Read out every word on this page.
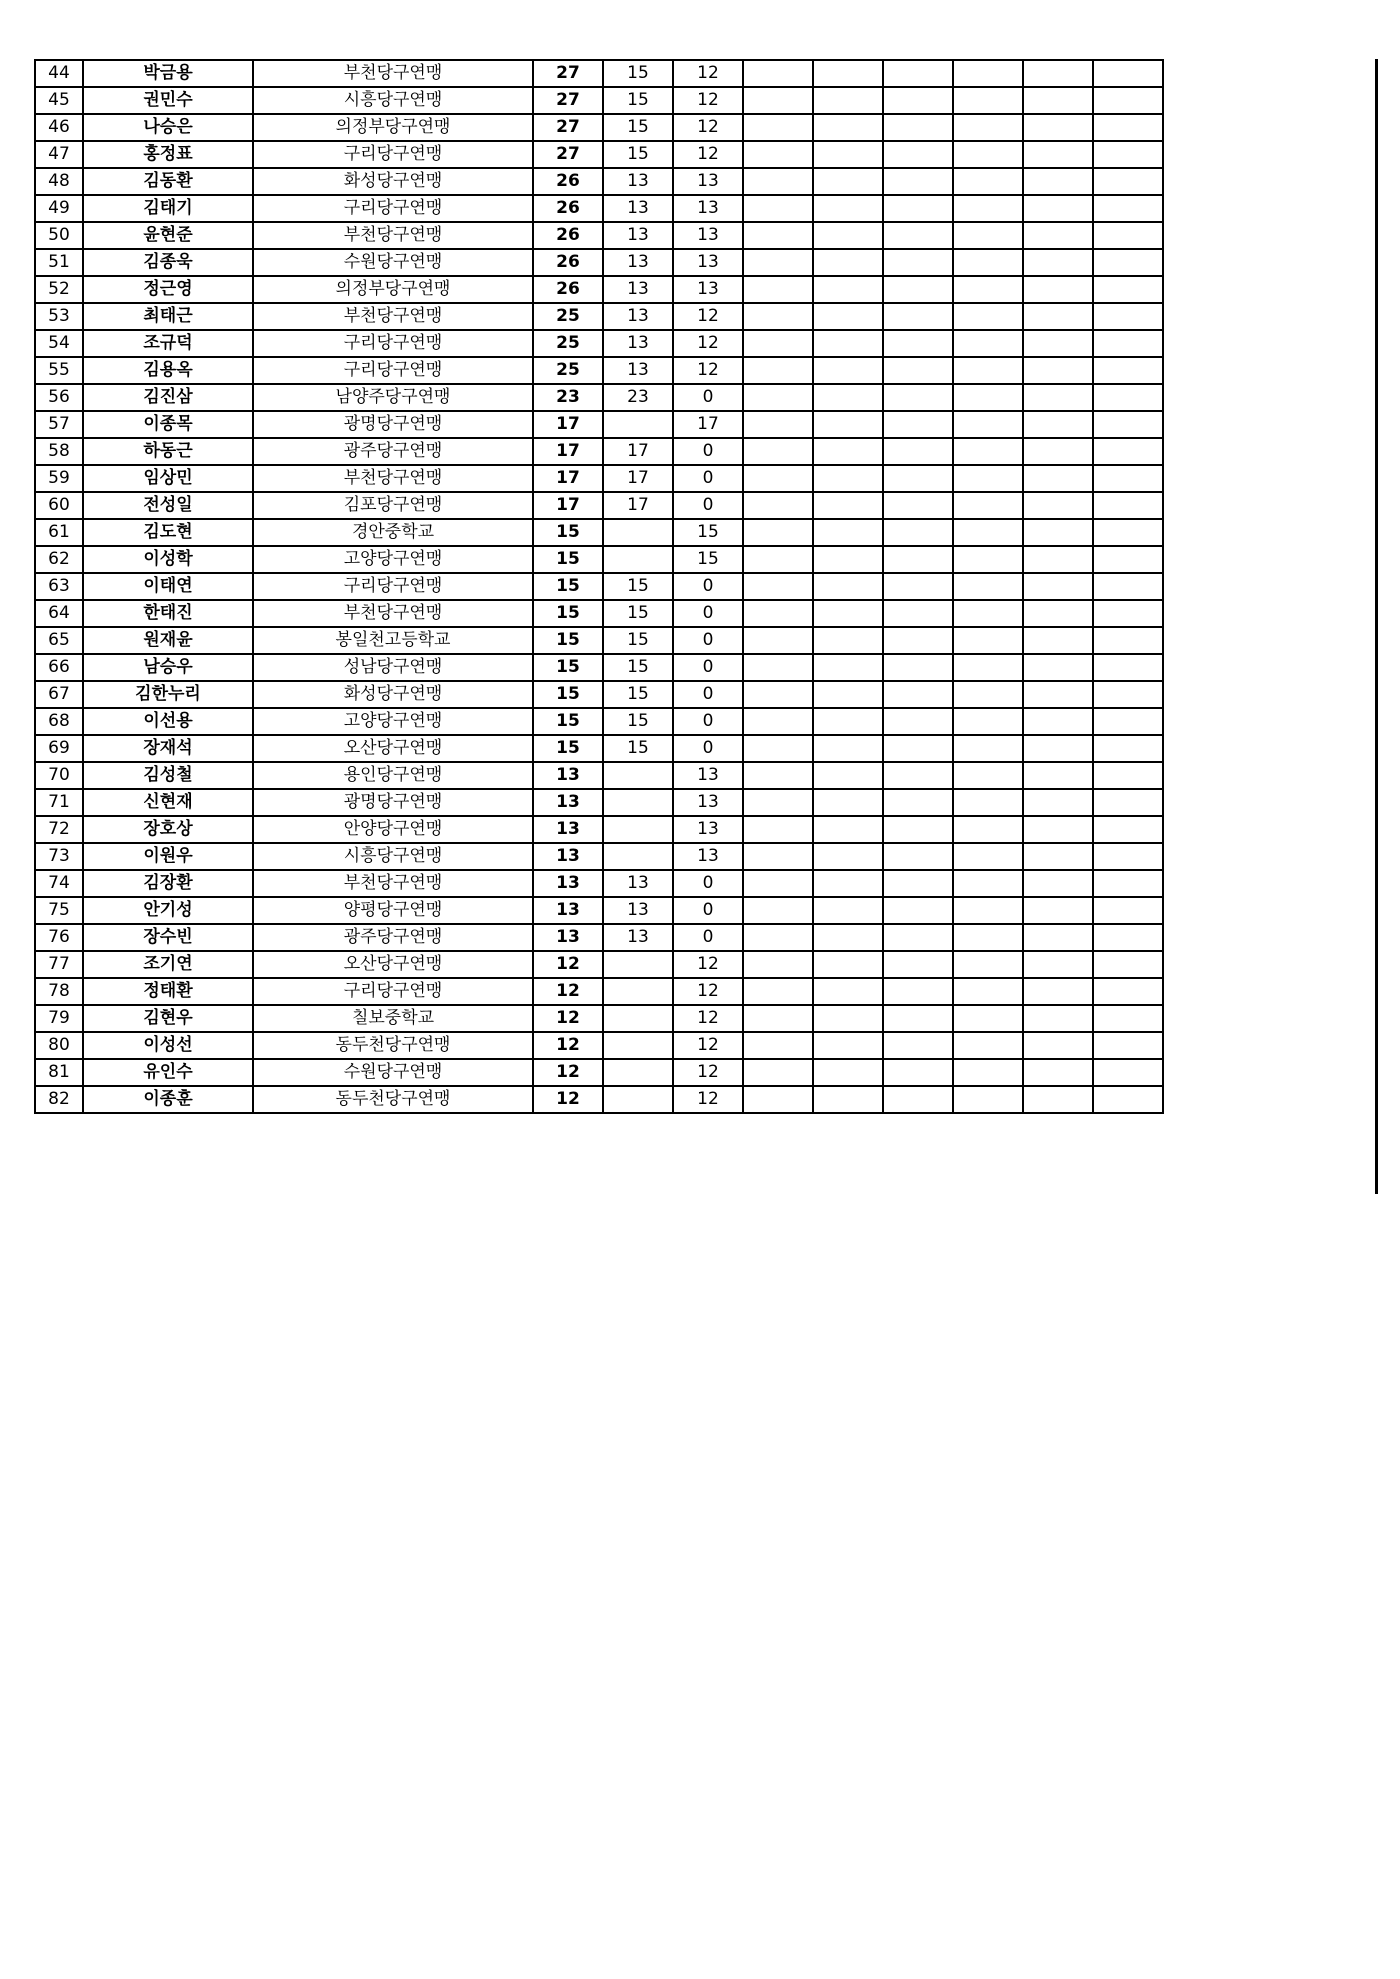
44	박금용	부천당구연맹	27	15	12						
45	권민수	시흥당구연맹	27	15	12						
46	나승은	의정부당구연맹	27	15	12						
47	홍정표	구리당구연맹	27	15	12						
48	김동환	화성당구연맹	26	13	13						
49	김태기	구리당구연맹	26	13	13						
50	윤현준	부천당구연맹	26	13	13						
51	김종욱	수원당구연맹	26	13	13						
52	정근영	의정부당구연맹	26	13	13						
53	최태근	부천당구연맹	25	13	12						
54	조규덕	구리당구연맹	25	13	12						
55	김용옥	구리당구연맹	25	13	12						
56	김진삼	남양주당구연맹	23	23	0						
57	이종목	광명당구연맹	17		17						
58	하동근	광주당구연맹	17	17	0						
59	임상민	부천당구연맹	17	17	0						
60	전성일	김포당구연맹	17	17	0						
61	김도현	경안중학교	15		15						
62	이성학	고양당구연맹	15		15						
63	이태연	구리당구연맹	15	15	0						
64	한태진	부천당구연맹	15	15	0						
65	원재윤	봉일천고등학교	15	15	0						
66	남승우	성남당구연맹	15	15	0						
67	김한누리	화성당구연맹	15	15	0						
68	이선용	고양당구연맹	15	15	0						
69	장재석	오산당구연맹	15	15	0						
70	김성철	용인당구연맹	13		13						
71	신현재	광명당구연맹	13		13						
72	장호상	안양당구연맹	13		13						
73	이원우	시흥당구연맹	13		13						
74	김장환	부천당구연맹	13	13	0						
75	안기성	양평당구연맹	13	13	0						
76	장수빈	광주당구연맹	13	13	0						
77	조기연	오산당구연맹	12		12						
78	정태환	구리당구연맹	12		12						
79	김현우	칠보중학교	12		12						
80	이성선	동두천당구연맹	12		12						
81	유인수	수원당구연맹	12		12						
82	이종훈	동두천당구연맹	12		12						
